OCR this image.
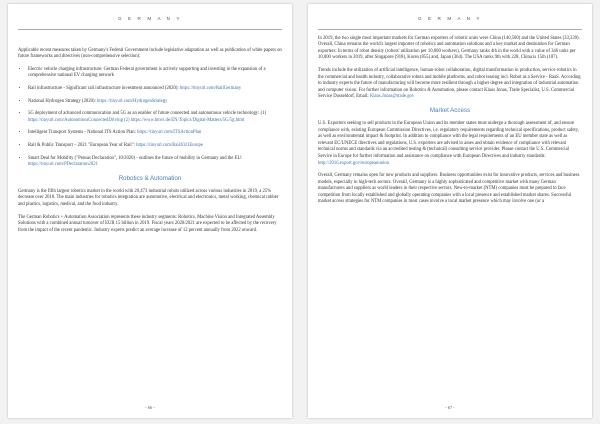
G E R M A N Y

Applicable recent measures taken by Germany's Federal Government include legislative adaptation as well as publication of white papers on future frameworks and directives (non-comprehensive selection):

• Electric vehicle charging infrastructure: German Federal government is actively supporting and investing in the expansion of a comprehensive national EV charging network
• Rail infrastructure - Significant rail infrastructure investment announced (2020): https://tinyurl.com/RailGermany
• National Hydrogen Strategy (2020): https://tinyurl.com/HydrogenStrategy
• 5G deployment of advanced communication and 5G as an enabler of future connected and autonomous vehicle technology: (1) https://tinyurl.com/AutonomousConnectedDriving (2) https://www.bmvi.de/EN/Topics/Digital-Matters/5G/5g.html
• Intelligent Transport Systems - National ITS Action Plan: https://tinyurl.com/ITSActionPlan
• Rail & Public Transport – 2021 "European Year of Rail": https://tinyurl.com/Rail2021Europe
• Smart Deal for Mobility ("Pensas Declaration", 10/2020) - outlines the future of mobility in Germany and the EU: https://tinyurl.com/PDeclaration2021
Robotics & Automation

Germany is the fifth largest robotics market in the world with 20,473 industrial robots utilized across various industries in 2019, a 25% decrease over 2018. The main industries for robotics integration are automotive, electrical and electronics, metal working, chemical rubber and plastics, logistics, medical, and the food industry.

The German Robotics + Automation Association represents these industry segments: Robotics, Machine Vision and Integrated Assembly Solutions with a combined annual turnover of EUR 15 billion in 2019. Fiscal years 2020/2021 are expected to be affected by the recovery from the impact of the recent pandemic. Industry experts predict an average increase of 12 percent annually from 2022 onward.

- 66 -
G E R M A N Y

In 2019, the two single most important markets for German exporters of robotic units were China (140,500) and the United States (33,339). Overall, China remains the world's largest importer of robotics and automation solutions and a key market and destination for German exporters. In terms of robot density (robots' utilization per 10,000 workers), Germany ranks 4th in the world with a value of 346 units per 10,000 workers in 2019, after Singapore (918), Korea (855) and, Japan (364). The USA ranks 9th with 228, China is 15th (187).

Trends include the utilization of artificial intelligence, human-robot collaboration, digital transformation in production, service robotics in the commercial and health industry, collaborative robots and mobile platforms, and robot leasing incl. Robot as a Service - RaaS. According to industry experts the future of manufacturing will become more resilient through a higher degree and integration of industrial automation and computer vision. For further information on Robotics & Automation, please contact Klaus Jonas, Trade Specialist, U.S. Commercial Service Dusseldorf, Email: Klaus.Jonas@trade.gov

Market Access

U.S. Exporters seeking to sell products in the European Union and its member states must undergo a thorough assessment of, and ensure compliance with, existing European Commission Directives, i.e. regulatory requirements regarding technical specifications, product safety, as well as environmental impact & footprint. In addition to compliance with the legal requirements of an EU member state as well as relevant EC/UNECE directives and regulations, U.S. exporters are advised to asses and obtain evidence of compliance with relevant technical norms and standards via an accredited testing & (technical) consulting service provider. Please contact the U.S. Commercial Service in Europe for further information and assistance on compliance with European Directives and industry standards: http://2016.export.gov/europeanunion

Overall, Germany remains open for new products and suppliers. Business opportunities exist for innovative products, services and business models, especially in high-tech sectors. Overall, Germany is a highly sophisticated and competitive market with many German manufacturers and suppliers as world leaders in their respective sectors. New-to-market (NTM) companies must be prepared to face competition from locally established and globally operating companies with a local presence and established market shares. Successful market access strategies for NTM companies in most cases involve a local market presence which may involve one (or a

- 67 -
